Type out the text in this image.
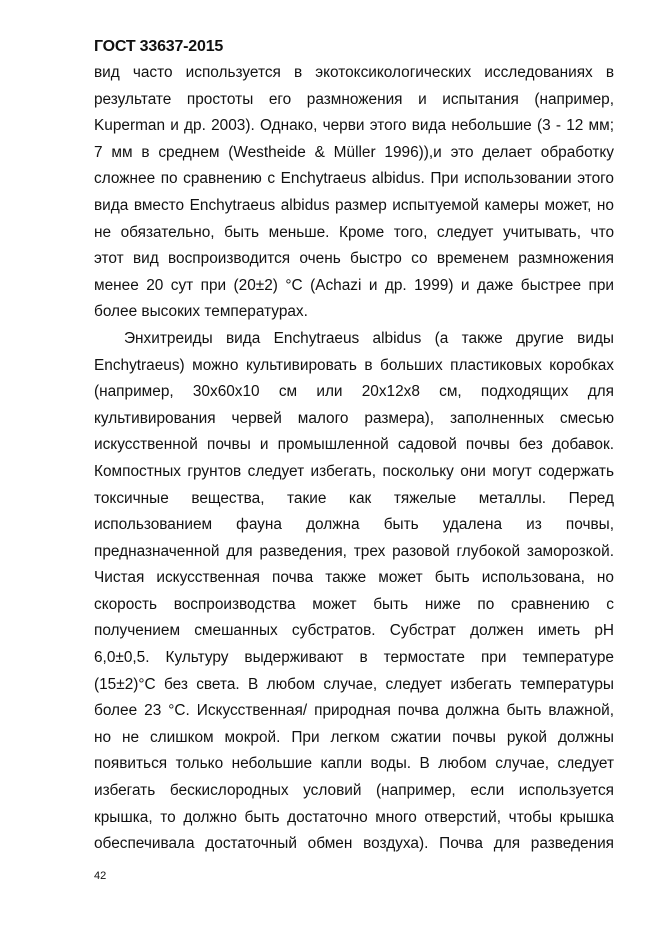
ГОСТ 33637-2015
вид часто используется в экотоксикологических исследованиях в
результате простоты его размножения и испытания (например,
Kuperman и др. 2003). Однако, черви этого вида небольшие (3 - 12 мм;
7 мм в среднем (Westheide & Müller 1996)),и это делает обработку
сложнее по сравнению с Enchytraeus albidus. При использовании этого
вида вместо Enchytraeus albidus размер испытуемой камеры может, но
не обязательно, быть меньше. Кроме того, следует учитывать, что
этот вид воспроизводится очень быстро со временем размножения
менее 20 сут при (20±2) °C (Achazi и др. 1999) и даже быстрее при
более высоких температурах.
Энхитреиды вида Enchytraeus albidus (а также другие виды
Enchytraeus) можно культивировать в больших пластиковых коробках
(например, 30x60x10 см или 20x12x8 см, подходящих для
культивирования червей малого размера), заполненных смесью
искусственной почвы и промышленной садовой почвы без добавок.
Компостных грунтов следует избегать, поскольку они могут содержать
токсичные вещества, такие как тяжелые металлы. Перед
использованием фауна должна быть удалена из почвы,
предназначенной для разведения, трех разовой глубокой заморозкой.
Чистая искусственная почва также может быть использована, но
скорость воспроизводства может быть ниже по сравнению с
получением смешанных субстратов. Субстрат должен иметь pH
6,0±0,5. Культуру выдерживают в термостате при температуре
(15±2)°C без света. В любом случае, следует избегать температуры
более 23 °C. Искусственная/ природная почва должна быть влажной,
но не слишком мокрой. При легком сжатии почвы рукой должны
появиться только небольшие капли воды. В любом случае, следует
избегать бескислородных условий (например, если используется
крышка, то должно быть достаточно много отверстий, чтобы крышка
обеспечивала достаточный обмен воздуха). Почва для разведения
42
